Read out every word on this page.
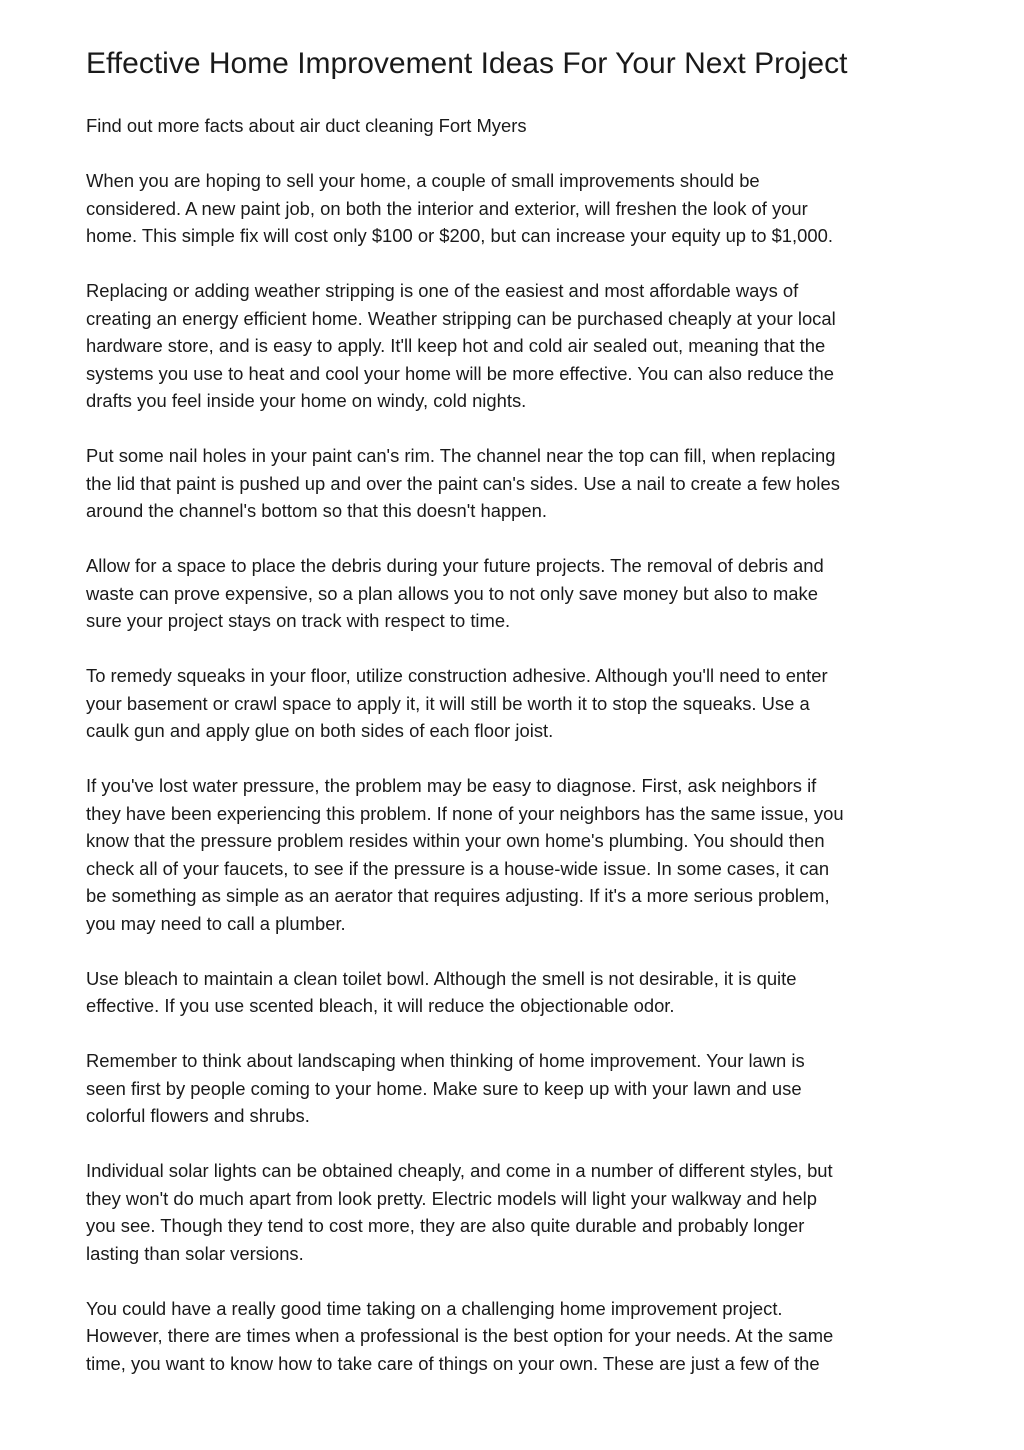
Effective Home Improvement Ideas For Your Next Project

Find out more facts about air duct cleaning Fort Myers

When you are hoping to sell your home, a couple of small improvements should be
considered. A new paint job, on both the interior and exterior, will freshen the look of your
home. This simple fix will cost only $100 or $200, but can increase your equity up to $1,000.
Replacing or adding weather stripping is one of the easiest and most affordable ways of
creating an energy efficient home. Weather stripping can be purchased cheaply at your local
hardware store, and is easy to apply. It'll keep hot and cold air sealed out, meaning that the
systems you use to heat and cool your home will be more effective. You can also reduce the
drafts you feel inside your home on windy, cold nights.
Put some nail holes in your paint can's rim. The channel near the top can fill, when replacing
the lid that paint is pushed up and over the paint can's sides. Use a nail to create a few holes
around the channel's bottom so that this doesn't happen.
Allow for a space to place the debris during your future projects. The removal of debris and
waste can prove expensive, so a plan allows you to not only save money but also to make
sure your project stays on track with respect to time.
To remedy squeaks in your floor, utilize construction adhesive. Although you'll need to enter
your basement or crawl space to apply it, it will still be worth it to stop the squeaks. Use a
caulk gun and apply glue on both sides of each floor joist.
If you've lost water pressure, the problem may be easy to diagnose. First, ask neighbors if
they have been experiencing this problem. If none of your neighbors has the same issue, you
know that the pressure problem resides within your own home's plumbing. You should then
check all of your faucets, to see if the pressure is a house-wide issue. In some cases, it can
be something as simple as an aerator that requires adjusting. If it's a more serious problem,
you may need to call a plumber.
Use bleach to maintain a clean toilet bowl. Although the smell is not desirable, it is quite
effective. If you use scented bleach, it will reduce the objectionable odor.
Remember to think about landscaping when thinking of home improvement. Your lawn is
seen first by people coming to your home. Make sure to keep up with your lawn and use
colorful flowers and shrubs.
Individual solar lights can be obtained cheaply, and come in a number of different styles, but
they won't do much apart from look pretty. Electric models will light your walkway and help
you see. Though they tend to cost more, they are also quite durable and probably longer
lasting than solar versions.
You could have a really good time taking on a challenging home improvement project.
However, there are times when a professional is the best option for your needs. At the same
time, you want to know how to take care of things on your own. These are just a few of the
